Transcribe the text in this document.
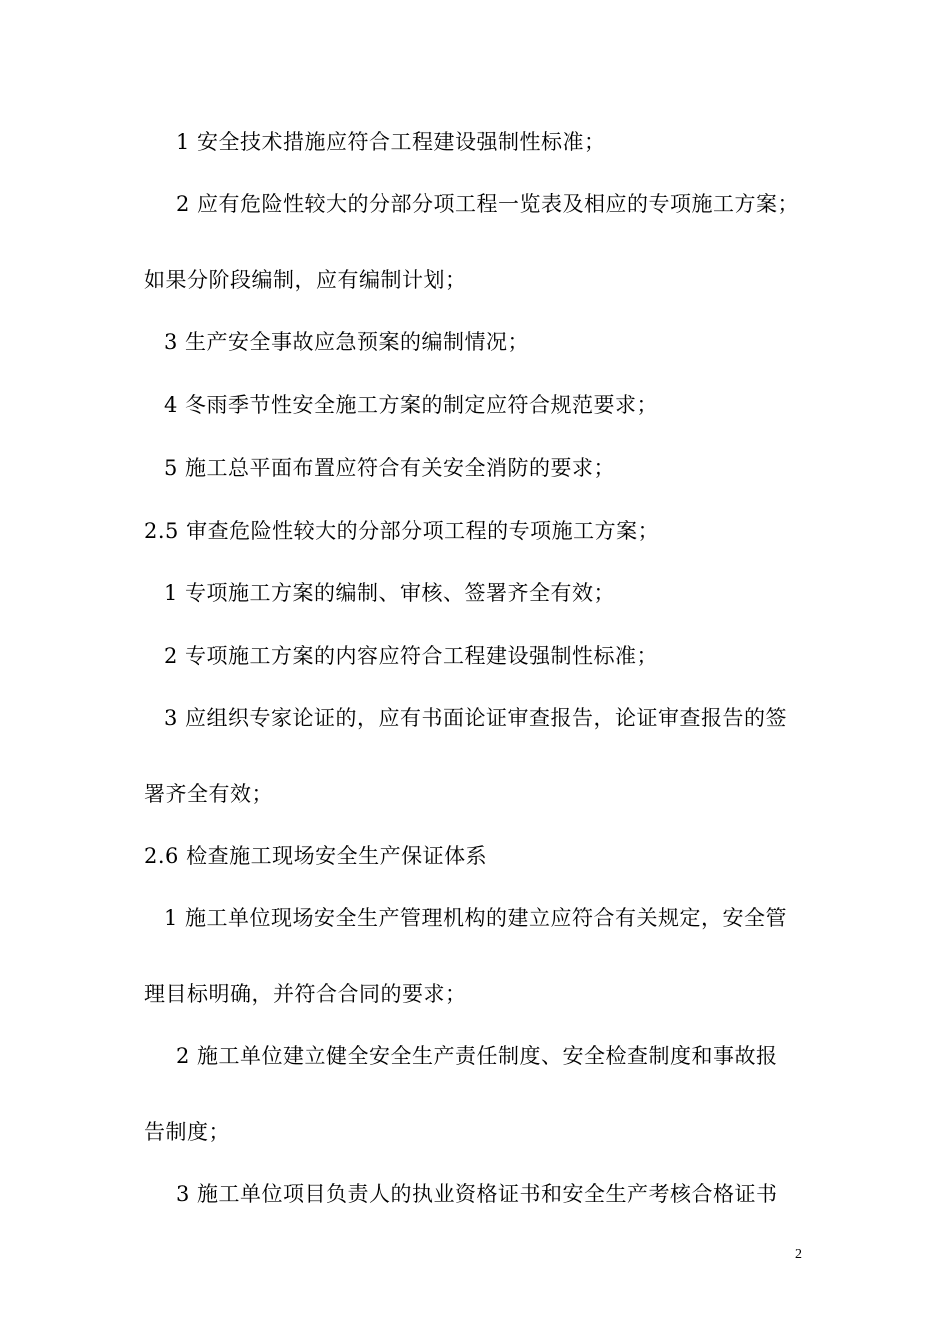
1 安全技术措施应符合工程建设强制性标准；
2 应有危险性较大的分部分项工程一览表及相应的专项施工方案；
如果分阶段编制，应有编制计划；
3 生产安全事故应急预案的编制情况；
4 冬雨季节性安全施工方案的制定应符合规范要求；
5 施工总平面布置应符合有关安全消防的要求；
2.5 审查危险性较大的分部分项工程的专项施工方案；
1 专项施工方案的编制、审核、签署齐全有效；
2 专项施工方案的内容应符合工程建设强制性标准；
3 应组织专家论证的，应有书面论证审查报告，论证审查报告的签
署齐全有效；
2.6 检查施工现场安全生产保证体系
1 施工单位现场安全生产管理机构的建立应符合有关规定，安全管
理目标明确，并符合合同的要求；
2 施工单位建立健全安全生产责任制度、安全检查制度和事故报
告制度；
3 施工单位项目负责人的执业资格证书和安全生产考核合格证书
2
